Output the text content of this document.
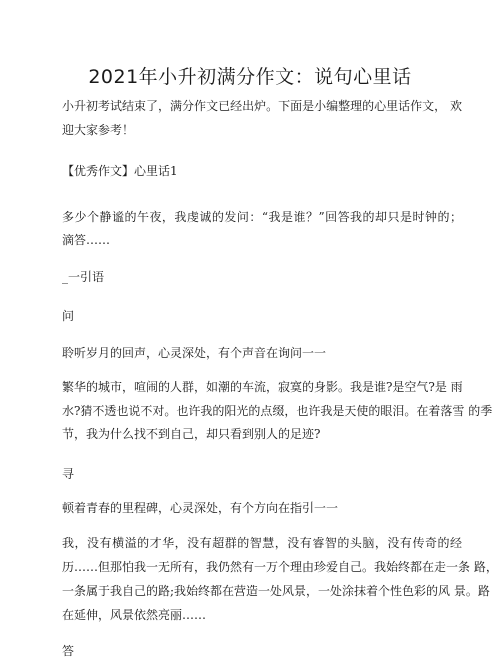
2021年小升初满分作文：说句心里话
小升初考试结束了，满分作文已经出炉。下面是小编整理的心里话作文， 欢
迎大家参考！
【优秀作文】心里话1
多少个静谧的午夜，我虔诚的发问：“我是谁？”回答我的却只是时钟的；
滴答……
_一引语
问
聆听岁月的回声，心灵深处，有个声音在询问一一
繁华的城市，喧闹的人群，如潮的车流，寂寞的身影。我是谁?是空气?是 雨
水?猜不透也说不对。也许我的阳光的点缀，也许我是天使的眼泪。在着落雪 的季
节，我为什么找不到自己，却只看到别人的足迹?
寻
顿着青春的里程碑，心灵深处，有个方向在指引一一
我，没有横溢的才华，没有超群的智慧，没有睿智的头脑，没有传奇的经
历……但那怕我一无所有，我仍然有一万个理由珍爱自己。我始终都在走一条 路，
一条属于我自己的路;我始终都在营造一处风景，一处涂抹着个性色彩的风 景。路
在延伸，风景依然亮丽……
答
